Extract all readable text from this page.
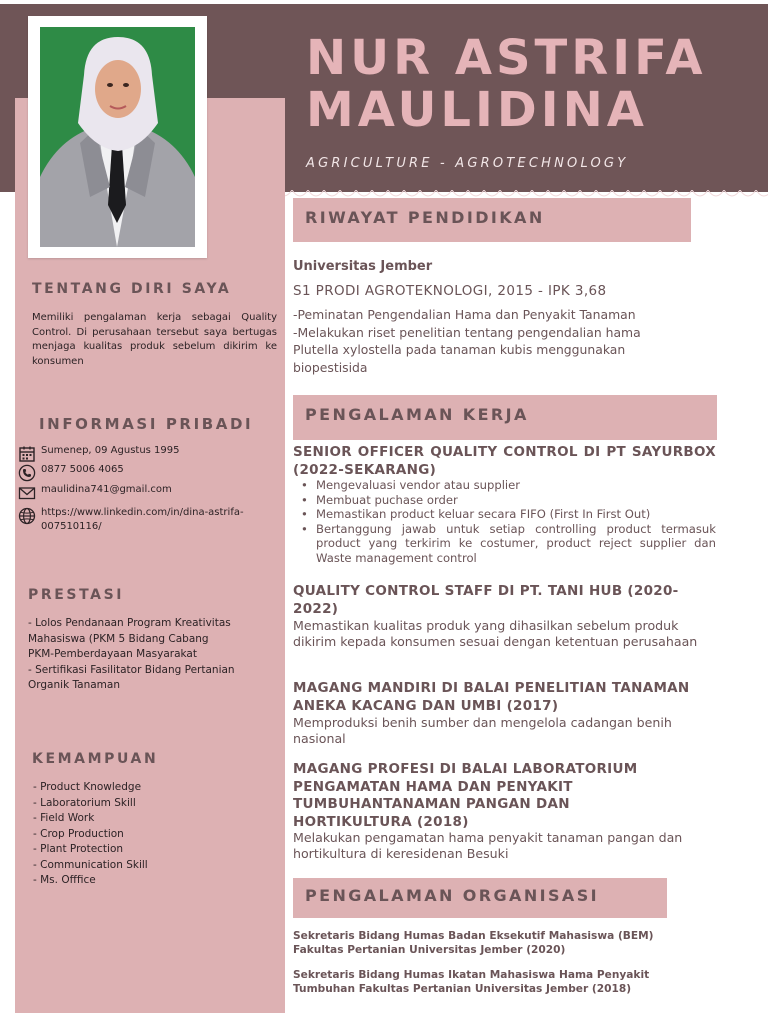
NUR ASTRIFA
MAULIDINA
AGRICULTURE - AGROTECHNOLOGY
TENTANG DIRI SAYA
Memiliki pengalaman kerja sebagai Quality Control. Di perusahaan tersebut saya bertugas menjaga kualitas produk sebelum dikirim ke konsumen
INFORMASI PRIBADI
Sumenep, 09 Agustus 1995
0877 5006 4065
maulidina741@gmail.com
https://www.linkedin.com/in/dina-astrifa-007510116/
PRESTASI
- Lolos Pendanaan Program Kreativitas
Mahasiswa (PKM 5 Bidang Cabang
PKM-Pemberdayaan Masyarakat
- Sertifikasi Fasilitator Bidang Pertanian
Organik Tanaman
KEMAMPUAN
- Product Knowledge
- Laboratorium Skill
- Field Work
- Crop Production
- Plant Protection
- Communication Skill
- Ms. Offfice
RIWAYAT PENDIDIKAN
Universitas Jember
S1 PRODI AGROTEKNOLOGI, 2015 - IPK 3,68
-Peminatan Pengendalian Hama dan Penyakit Tanaman
-Melakukan riset penelitian tentang pengendalian hama
Plutella xylostella pada tanaman kubis menggunakan
biopestisida
PENGALAMAN KERJA
SENIOR OFFICER QUALITY CONTROL DI PT SAYURBOX (2022-SEKARANG)
• Mengevaluasi vendor atau supplier
• Membuat puchase order
• Memastikan product keluar secara FIFO (First In First Out)
• Bertanggung jawab untuk setiap controlling product termasuk product yang terkirim ke costumer, product reject supplier dan Waste management control
QUALITY CONTROL STAFF DI PT. TANI HUB (2020-2022)
Memastikan kualitas produk yang dihasilkan sebelum produk dikirim kepada konsumen sesuai dengan ketentuan perusahaan
MAGANG MANDIRI DI BALAI PENELITIAN TANAMAN ANEKA KACANG DAN UMBI (2017)
Memproduksi benih sumber dan mengelola cadangan benih nasional
MAGANG PROFESI DI BALAI LABORATORIUM PENGAMATAN HAMA DAN PENYAKIT TUMBUHANTANAMAN PANGAN DAN HORTIKULTURA (2018)
Melakukan pengamatan hama penyakit tanaman pangan dan hortikultura di keresidenan Besuki
PENGALAMAN ORGANISASI
Sekretaris Bidang Humas Badan Eksekutif Mahasiswa (BEM) Fakultas Pertanian Universitas Jember (2020)
Sekretaris Bidang Humas Ikatan Mahasiswa Hama Penyakit Tumbuhan Fakultas Pertanian Universitas Jember (2018)
